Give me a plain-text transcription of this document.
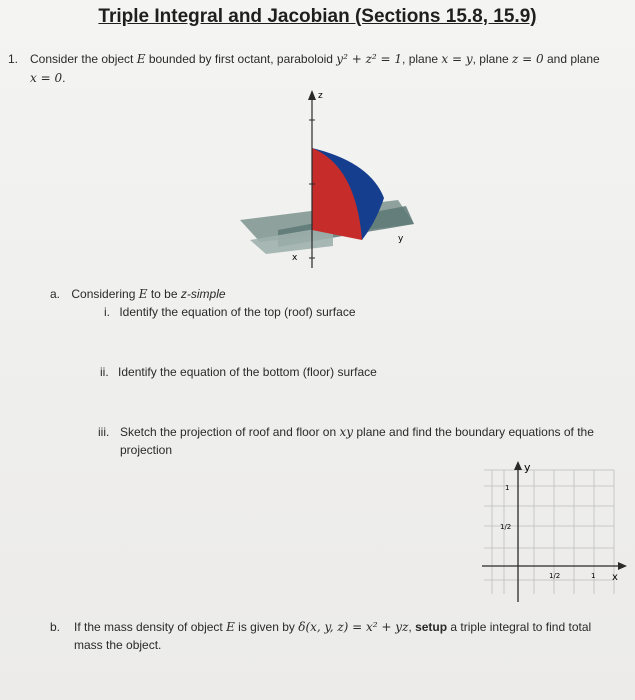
Triple Integral and Jacobian (Sections 15.8, 15.9)
1. Consider the object E bounded by first octant, paraboloid y² + z² = 1, plane x = y, plane z = 0 and plane
x = 0.
z
y
x
a. Considering E to be z-simple
i. Identify the equation of the top (roof) surface
ii. Identify the equation of the bottom (floor) surface
iii. Sketch the projection of roof and floor on xy plane and find the boundary equations of the projection
y
x
1
1/2
1/2	1
b. If the mass density of object E is given by δ(x, y, z) = x² + yz, setup a triple integral to find total mass the object.
